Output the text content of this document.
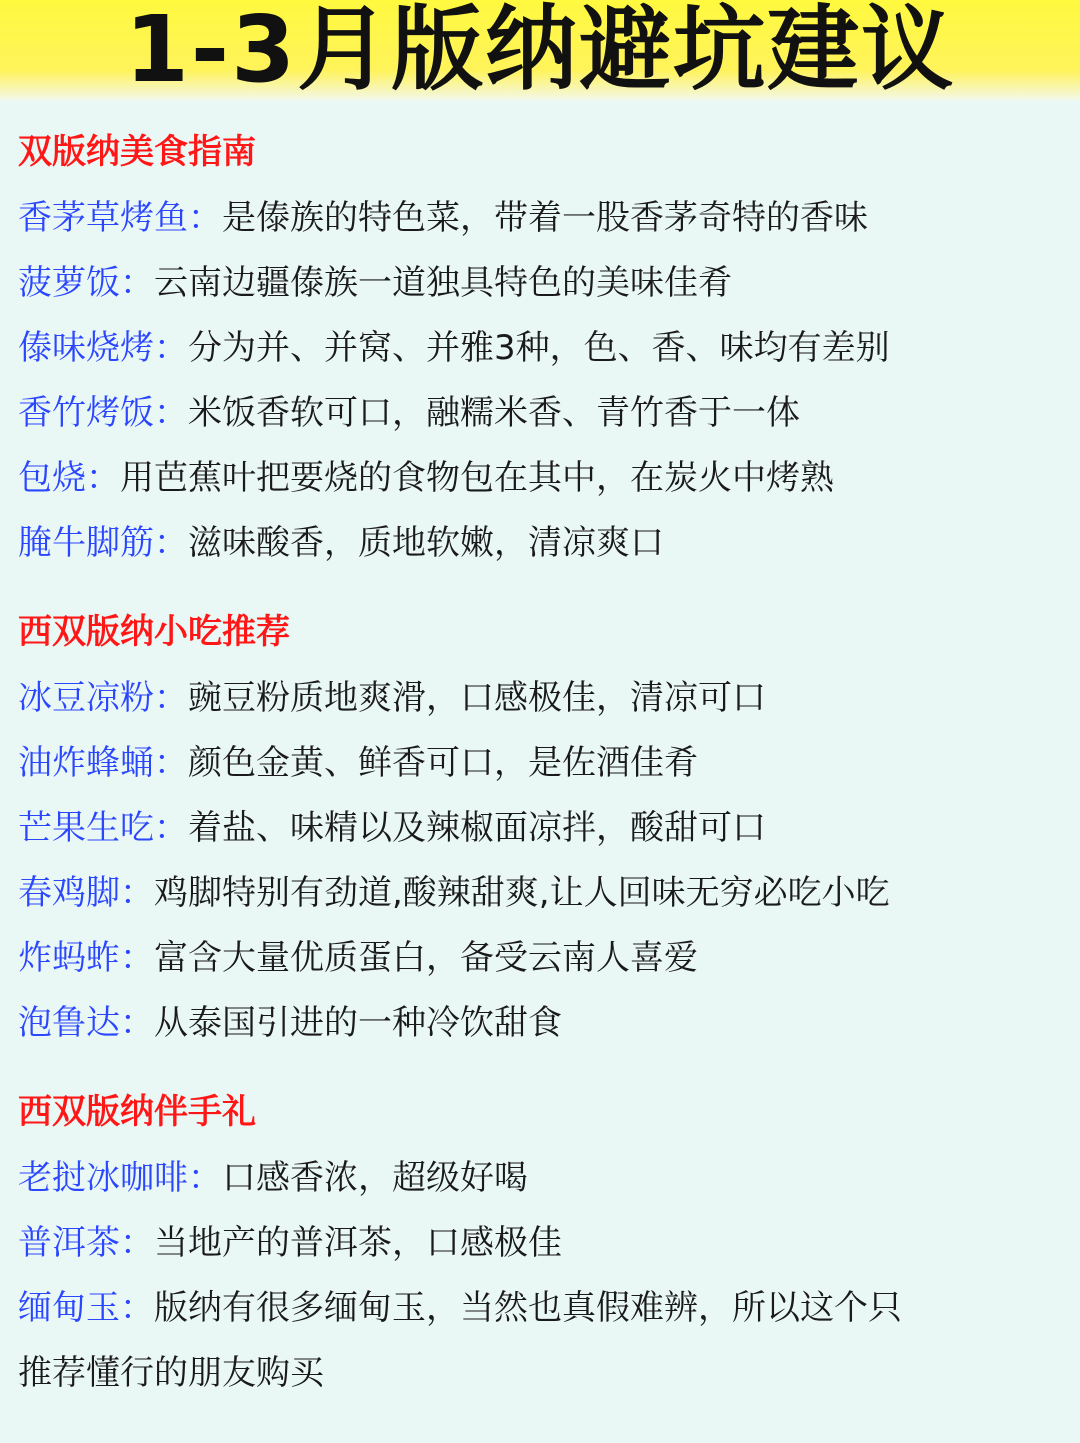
1-3月版纳避坑建议
双版纳美食指南
香茅草烤鱼：是傣族的特色菜，带着一股香茅奇特的香味
菠萝饭：云南边疆傣族一道独具特色的美味佳肴
傣味烧烤：分为并、并窝、并雅3种，色、香、味均有差别
香竹烤饭：米饭香软可口，融糯米香、青竹香于一体
包烧：用芭蕉叶把要烧的食物包在其中，在炭火中烤熟
腌牛脚筋：滋味酸香，质地软嫩，清凉爽口
西双版纳小吃推荐
冰豆凉粉：豌豆粉质地爽滑，口感极佳，清凉可口
油炸蜂蛹：颜色金黄、鲜香可口，是佐酒佳肴
芒果生吃：着盐、味精以及辣椒面凉拌，酸甜可口
春鸡脚：鸡脚特别有劲道,酸辣甜爽,让人回味无穷必吃小吃
炸蚂蚱：富含大量优质蛋白，备受云南人喜爱
泡鲁达：从泰国引进的一种冷饮甜食
西双版纳伴手礼
老挝冰咖啡：口感香浓，超级好喝
普洱茶：当地产的普洱茶，口感极佳
缅甸玉：版纳有很多缅甸玉，当然也真假难辨，所以这个只
推荐懂行的朋友购买
